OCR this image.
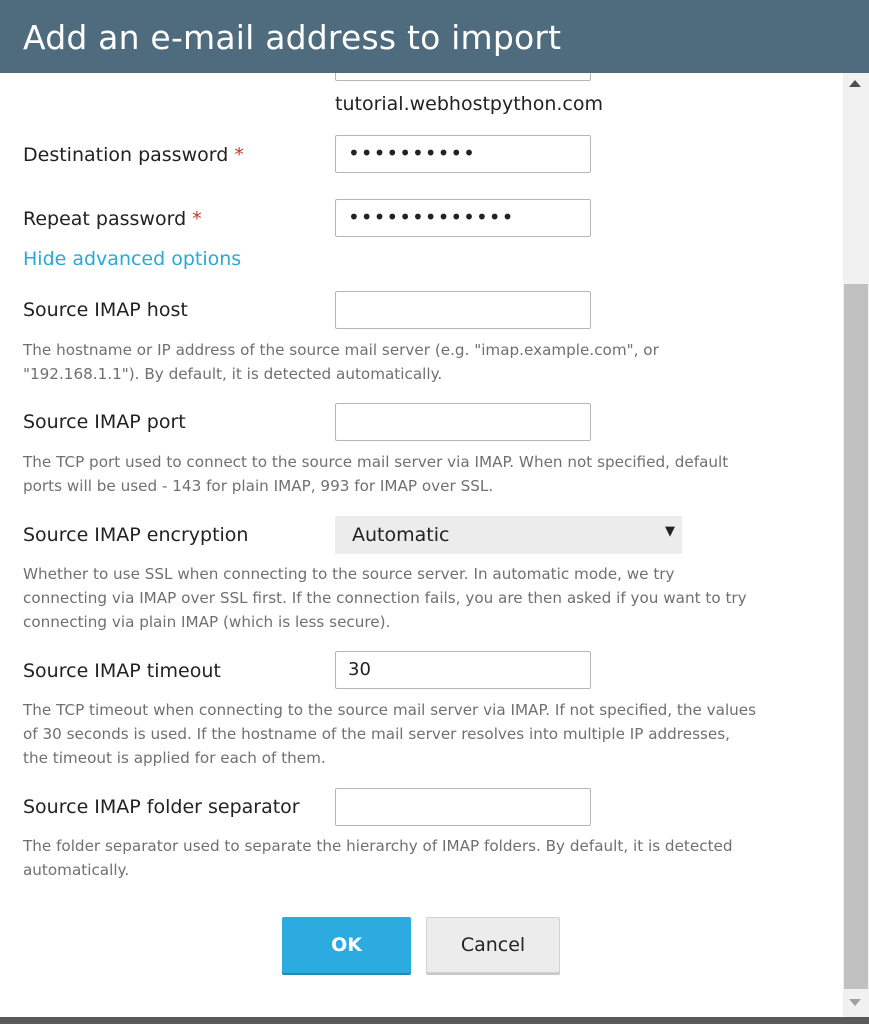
Add an e-mail address to import
tutorial.webhostpython.com
Destination password *	••••••••••
Repeat password *	•••••••••••••
Hide advanced options
Source IMAP host
The hostname or IP address of the source mail server (e.g. "imap.example.com", or "192.168.1.1"). By default, it is detected automatically.
Source IMAP port
The TCP port used to connect to the source mail server via IMAP. When not specified, default ports will be used - 143 for plain IMAP, 993 for IMAP over SSL.
Source IMAP encryption	Automatic	▼
Whether to use SSL when connecting to the source server. In automatic mode, we try connecting via IMAP over SSL first. If the connection fails, you are then asked if you want to try connecting via plain IMAP (which is less secure).
Source IMAP timeout	30
The TCP timeout when connecting to the source mail server via IMAP. If not specified, the values of 30 seconds is used. If the hostname of the mail server resolves into multiple IP addresses, the timeout is applied for each of them.
Source IMAP folder separator
The folder separator used to separate the hierarchy of IMAP folders. By default, it is detected automatically.
OK	Cancel
